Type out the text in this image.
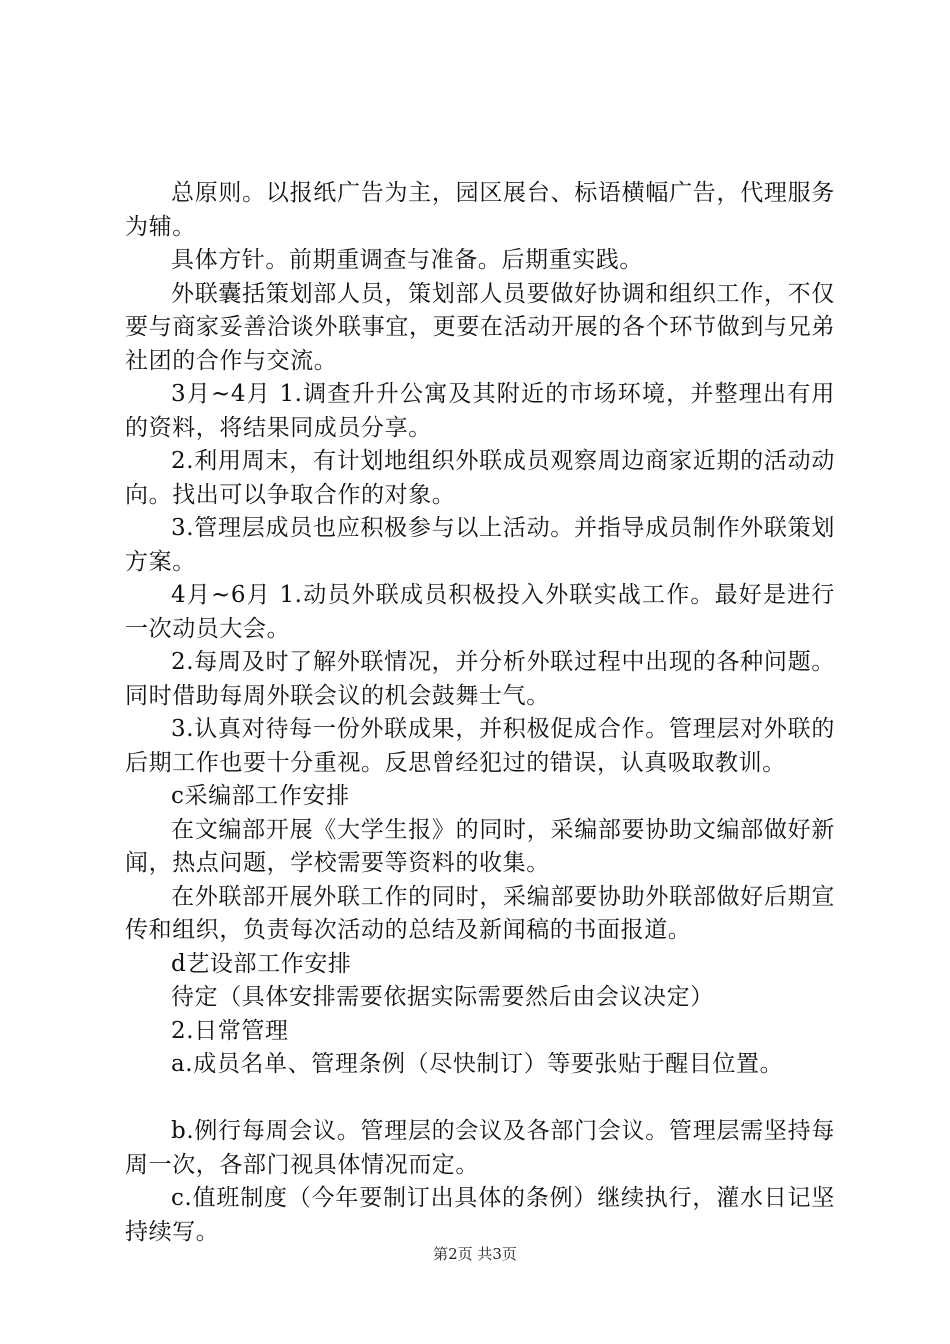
总原则。以报纸广告为主，园区展台、标语横幅广告，代理服务为辅。

具体方针。前期重调查与准备。后期重实践。

外联囊括策划部人员，策划部人员要做好协调和组织工作，不仅要与商家妥善洽谈外联事宜，更要在活动开展的各个环节做到与兄弟社团的合作与交流。

3月~4月 1.调查升升公寓及其附近的市场环境，并整理出有用的资料，将结果同成员分享。

2.利用周末，有计划地组织外联成员观察周边商家近期的活动动向。找出可以争取合作的对象。

3.管理层成员也应积极参与以上活动。并指导成员制作外联策划方案。

4月~6月 1.动员外联成员积极投入外联实战工作。最好是进行一次动员大会。

2.每周及时了解外联情况，并分析外联过程中出现的各种问题。同时借助每周外联会议的机会鼓舞士气。

3.认真对待每一份外联成果，并积极促成合作。管理层对外联的后期工作也要十分重视。反思曾经犯过的错误，认真吸取教训。

c采编部工作安排

在文编部开展《大学生报》的同时，采编部要协助文编部做好新闻，热点问题，学校需要等资料的收集。

在外联部开展外联工作的同时，采编部要协助外联部做好后期宣传和组织，负责每次活动的总结及新闻稿的书面报道。

d艺设部工作安排

待定（具体安排需要依据实际需要然后由会议决定）

2.日常管理

a.成员名单、管理条例（尽快制订）等要张贴于醒目位置。

b.例行每周会议。管理层的会议及各部门会议。管理层需坚持每周一次，各部门视具体情况而定。

c.值班制度（今年要制订出具体的条例）继续执行，灌水日记坚持续写。

第2页 共3页
